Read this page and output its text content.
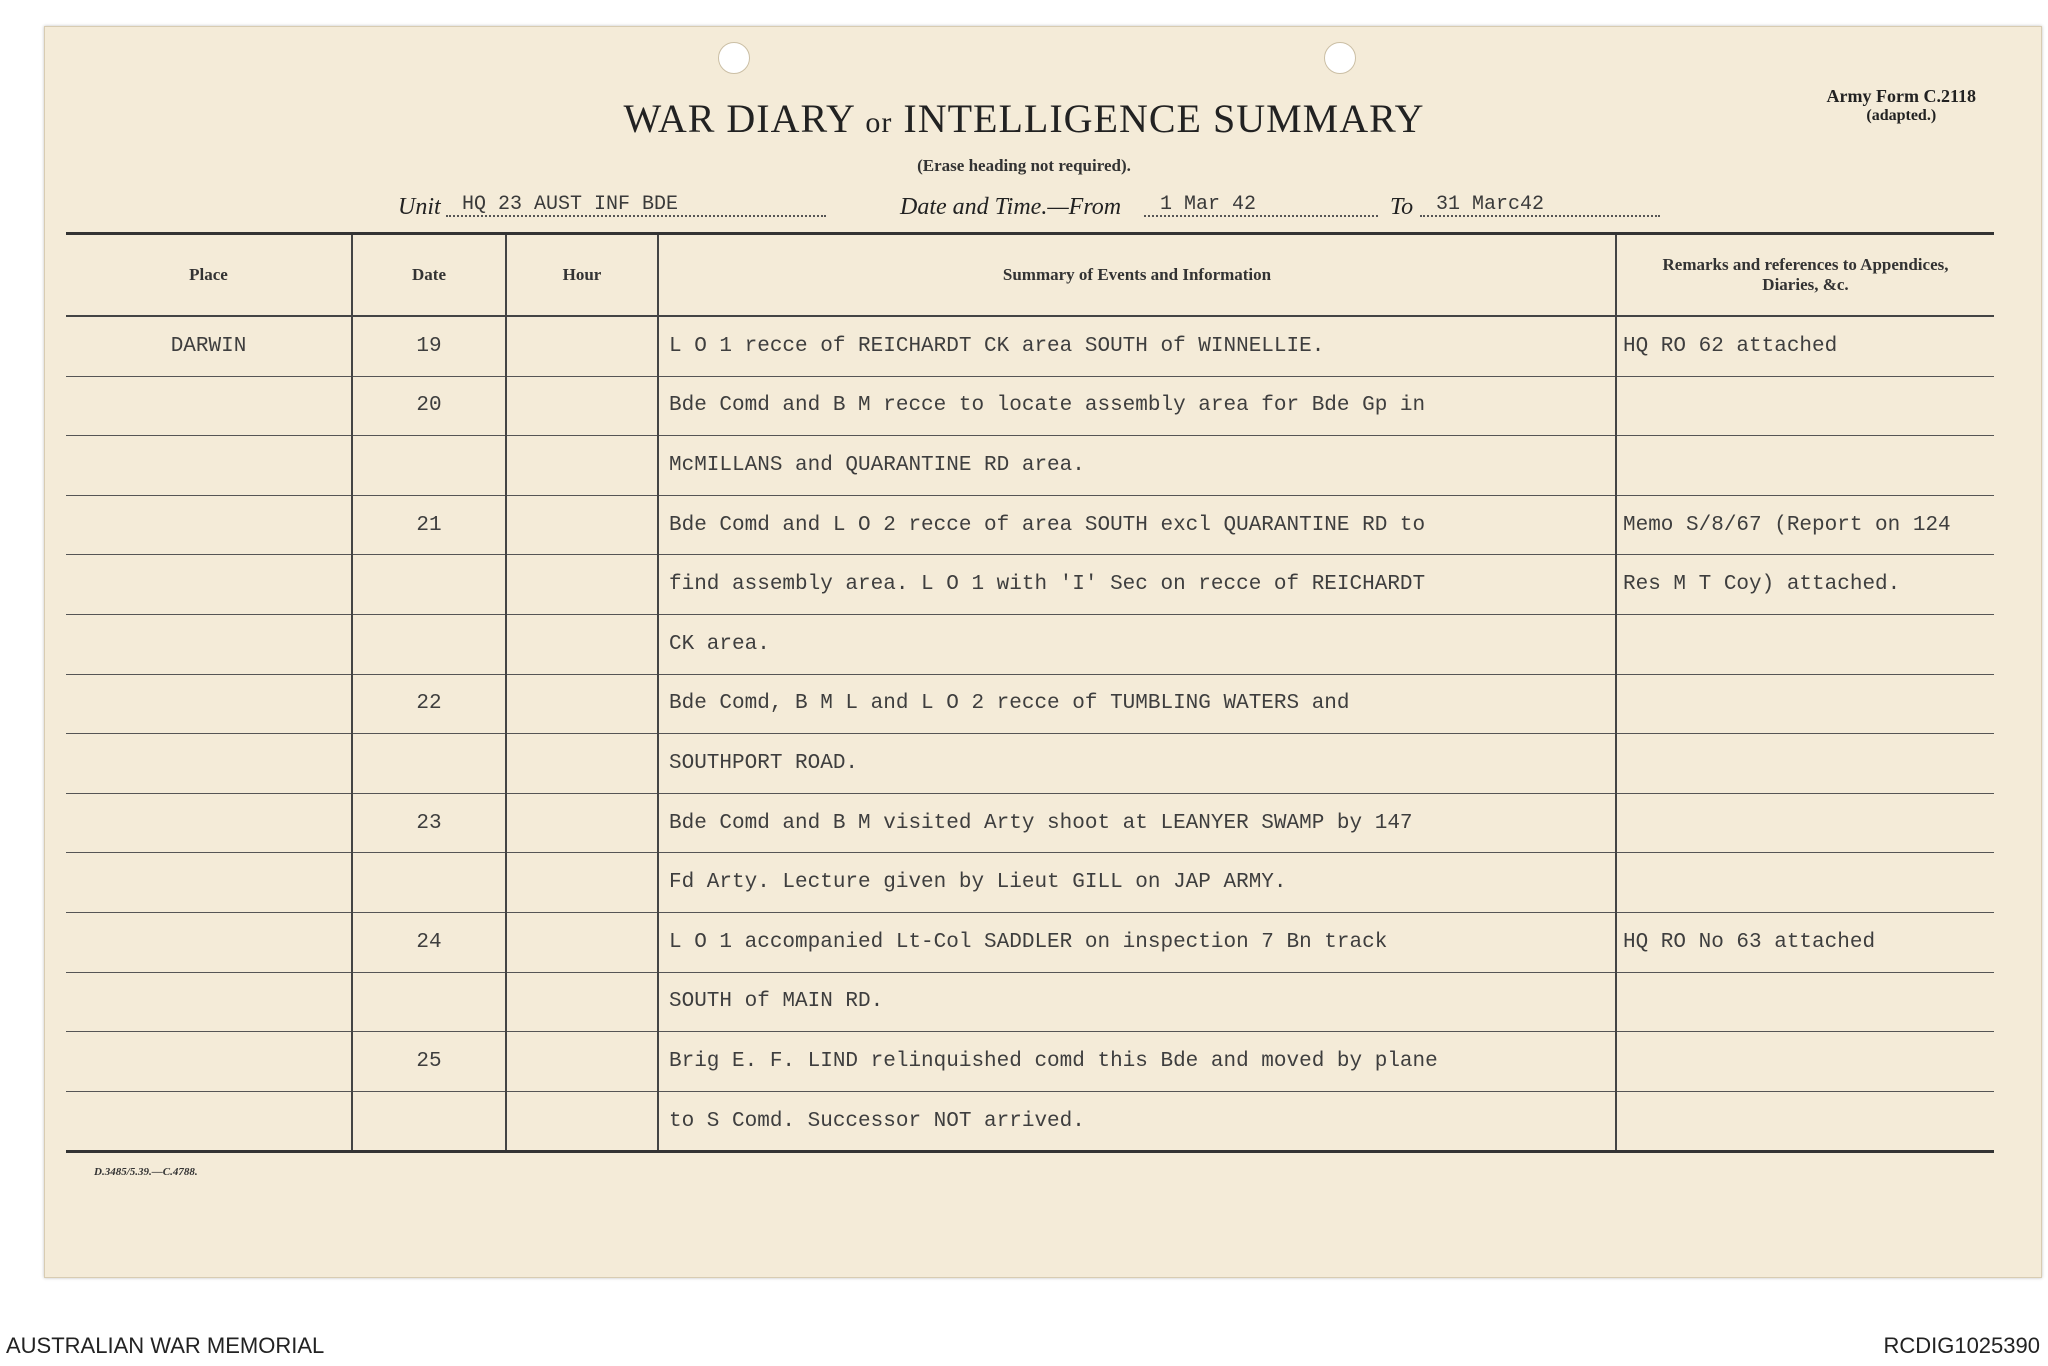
WAR DIARY or INTELLIGENCE SUMMARY
(Erase heading not required).
Army Form C.2118
(adapted.)
Unit	HQ 23 AUST INF BDE	Date and Time.—From	1 Mar 42	To	31 Marc42
Place	Date	Hour	Summary of Events and Information	Remarks and references to Appendices, Diaries, &c.
DARWIN	19		L O 1 recce of REICHARDT CK area SOUTH of WINNELLIE.	HQ RO 62 attached
	20		Bde Comd and B M recce to locate assembly area for Bde Gp in	
			McMILLANS and QUARANTINE RD area.	
	21		Bde Comd and L O 2 recce of area SOUTH excl QUARANTINE RD to	Memo S/8/67 (Report on 124
			find assembly area. L O 1 with 'I' Sec on recce of REICHARDT	Res M T Coy) attached.
			CK area.	
	22		Bde Comd, B M L and L O 2 recce of TUMBLING WATERS and	
			SOUTHPORT ROAD.	
	23		Bde Comd and B M visited Arty shoot at LEANYER SWAMP by 147	
			Fd Arty. Lecture given by Lieut GILL on JAP ARMY.	
	24		L O 1 accompanied Lt-Col SADDLER on inspection 7 Bn track	HQ RO No 63 attached
			SOUTH of MAIN RD.	
	25		Brig E. F. LIND relinquished comd this Bde and moved by plane	
			to S Comd. Successor NOT arrived.	
D.3485/5.39.—C.4788.
AUSTRALIAN WAR MEMORIAL	RCDIG1025390
